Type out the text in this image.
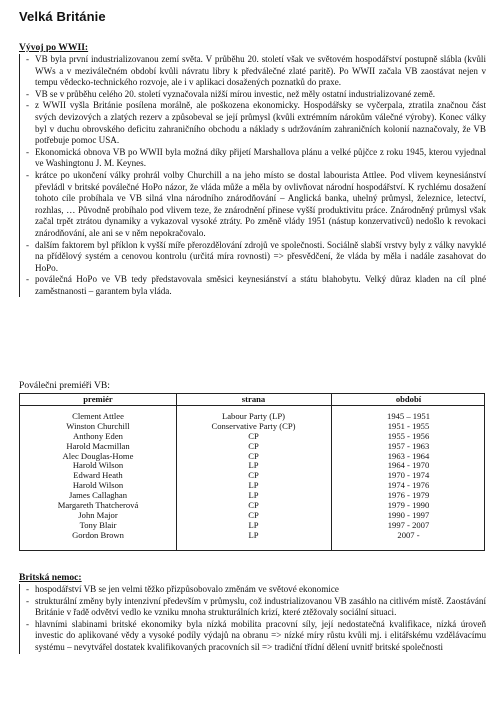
Velká Británie
Vývoj po WWII:

- VB byla první industrializovanou zemí světa. V průběhu 20. století však ve světovém hospodářství postupně slábla (kvůli WWs a v meziválečném období kvůli návratu libry k předválečné zlaté paritě). Po WWII začala VB zaostávat nejen v tempu vědecko-technického rozvoje, ale i v aplikaci dosažených poznatků do praxe.

- VB se v průběhu celého 20. století vyznačovala nižší mírou investic, než měly ostatní industrializované země.

- z WWII vyšla Británie posílena morálně, ale poškozena ekonomicky. Hospodářsky se vyčerpala, ztratila značnou část svých devizových a zlatých rezerv a způsobeval se její průmysl (kvůli extrémním nárokům válečné výroby). Konec války byl v duchu obrovského deficitu zahraničního obchodu a náklady s udržováním zahraničních kolonií naznačovaly, že VB potřebuje pomoc USA.

- Ekonomická obnova VB po WWII byla možná díky přijetí Marshallova plánu a velké půjčce z roku 1945, kterou vyjednal ve Washingtonu J. M. Keynes.

- krátce po ukončení války prohrál volby Churchill a na jeho místo se dostal labourista Attlee. Pod vlivem keynesiánství převládl v britské poválečné HoPo názor, že vláda může a měla by ovlivňovat národní hospodářství. K rychlému dosažení tohoto cíle probíhala ve VB silná vlna národního znárodňování – Anglická banka, uhelný průmysl, železnice, letectví, rozhlas, … Původně probíhalo pod vlivem teze, že znárodnění přinese vyšší produktivitu práce. Znárodněný průmysl však začal trpět ztrátou dynamiky a vykazoval vysoké ztráty. Po změně vlády 1951 (nástup konzervativců) nedošlo k revokaci znárodňování, ale ani se v něm nepokračovalo.

- dalším faktorem byl příklon k vyšší míře přerozdělování zdrojů ve společnosti. Sociálně slabší vrstvy byly z války navyklé na přídělový systém a cenovou kontrolu (určitá míra rovnosti) => přesvědčení, že vláda by měla i nadále zasahovat do HoPo.

- poválečná HoPo ve VB tedy představovala směsici keynesiánství a státu blahobytu. Velký důraz kladen na cíl plné zaměstnanosti – garantem byla vláda.

Poválečni premiéři VB:
premiér	strana	období
Clement Attlee	Labour Party (LP)	1945 – 1951
Winston Churchill	Conservative Party (CP)	1951 - 1955
Anthony Eden	CP	1955 - 1956
Harold Macmillan	CP	1957 - 1963
Alec Douglas-Home	CP	1963 - 1964
Harold Wilson	LP	1964 - 1970
Edward Heath	CP	1970 - 1974
Harold Wilson	LP	1974 - 1976
James Callaghan	LP	1976 - 1979
Margareth Thatcherová	CP	1979 - 1990
John Major	CP	1990 - 1997
Tony Blair	LP	1997 - 2007
Gordon Brown	LP	2007 -
Britská nemoc:

- hospodářství VB se jen velmi těžko přizpůsobovalo změnám ve světové ekonomice

- strukturální změny byly intenzivní především v průmyslu, což industrializovanou VB zasáhlo na citlivém místě. Zaostávání Británie v řadě odvětví vedlo ke vzniku mnoha strukturálních krizí, které ztěžovaly sociální situaci.

- hlavními slabinami britské ekonomiky byla nízká mobilita pracovní síly, její nedostatečná kvalifikace, nízká úroveň investic do aplikované vědy a vysoké podíly výdajů na obranu => nízké míry růstu kvůli mj. i elitářskému vzdělávacímu systému – nevytvářel dostatek kvalifikovaných pracovních sil => tradiční třídní dělení uvnitř britské společnosti
